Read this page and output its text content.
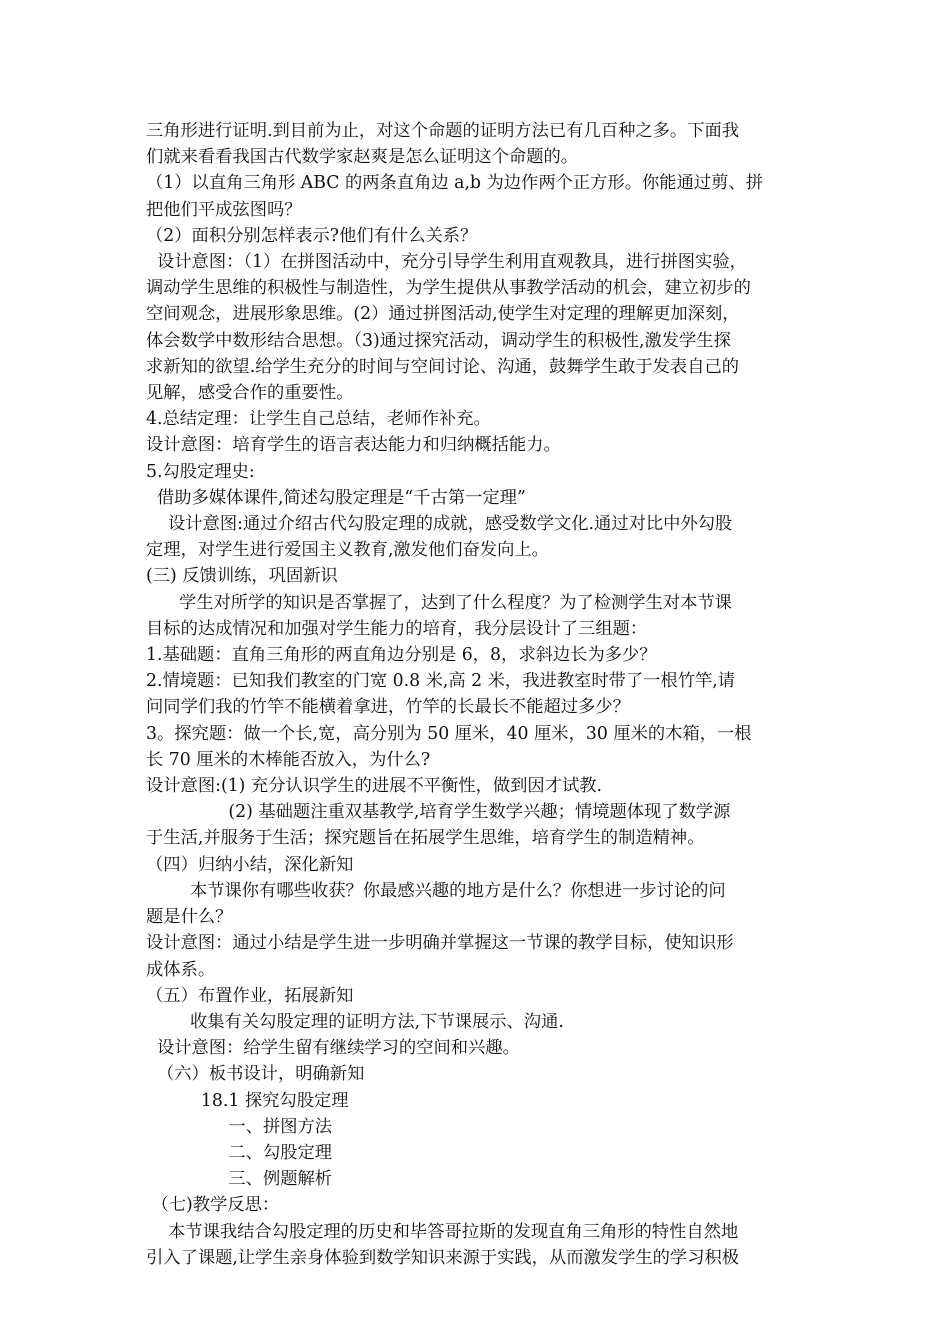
三角形进行证明.到目前为止，对这个命题的证明方法已有几百种之多。下面我
们就来看看我国古代数学家赵爽是怎么证明这个命题的。
（1）以直角三角形 ABC 的两条直角边 a,b 为边作两个正方形。你能通过剪、拼
把他们平成弦图吗？
（2）面积分别怎样表示?他们有什么关系？
设计意图：（1）在拼图活动中，充分引导学生利用直观教具，进行拼图实验，
调动学生思维的积极性与制造性，为学生提供从事教学活动的机会，建立初步的
空间观念，进展形象思维。(2）通过拼图活动,使学生对定理的理解更加深刻，
体会数学中数形结合思想。（3)通过探究活动，调动学生的积极性,激发学生探
求新知的欲望.给学生充分的时间与空间讨论、沟通，鼓舞学生敢于发表自己的
见解，感受合作的重要性。
4.总结定理：让学生自己总结，老师作补充。
设计意图：培育学生的语言表达能力和归纳概括能力。
5.勾股定理史:
借助多媒体课件,简述勾股定理是“千古第一定理”
设计意图:通过介绍古代勾股定理的成就，感受数学文化.通过对比中外勾股
定理，对学生进行爱国主义教育,激发他们奋发向上。
(三) 反馈训练，巩固新识
学生对所学的知识是否掌握了，达到了什么程度？为了检测学生对本节课
目标的达成情况和加强对学生能力的培育，我分层设计了三组题：
1.基础题：直角三角形的两直角边分别是 6，8，求斜边长为多少？
2.情境题：已知我们教室的门宽 0.8 米,高 2 米，我进教室时带了一根竹竿,请
问同学们我的竹竿不能横着拿进，竹竿的长最长不能超过多少？
3。探究题：做一个长,宽，高分别为 50 厘米，40 厘米，30 厘米的木箱，一根
长 70 厘米的木棒能否放入，为什么?
设计意图:(1) 充分认识学生的进展不平衡性，做到因才试教.
(2) 基础题注重双基教学,培育学生数学兴趣；情境题体现了数学源
于生活,并服务于生活；探究题旨在拓展学生思维，培育学生的制造精神。
（四）归纳小结，深化新知
本节课你有哪些收获？你最感兴趣的地方是什么？你想进一步讨论的问
题是什么？
设计意图：通过小结是学生进一步明确并掌握这一节课的教学目标，使知识形
成体系。
（五）布置作业，拓展新知
收集有关勾股定理的证明方法,下节课展示、沟通.
设计意图：给学生留有继续学习的空间和兴趣。
（六）板书设计，明确新知
18.1 探究勾股定理
一、拼图方法
二、勾股定理
三、例题解析
（七)教学反思：
本节课我结合勾股定理的历史和毕答哥拉斯的发现直角三角形的特性自然地
引入了课题,让学生亲身体验到数学知识来源于实践，从而激发学生的学习积极
